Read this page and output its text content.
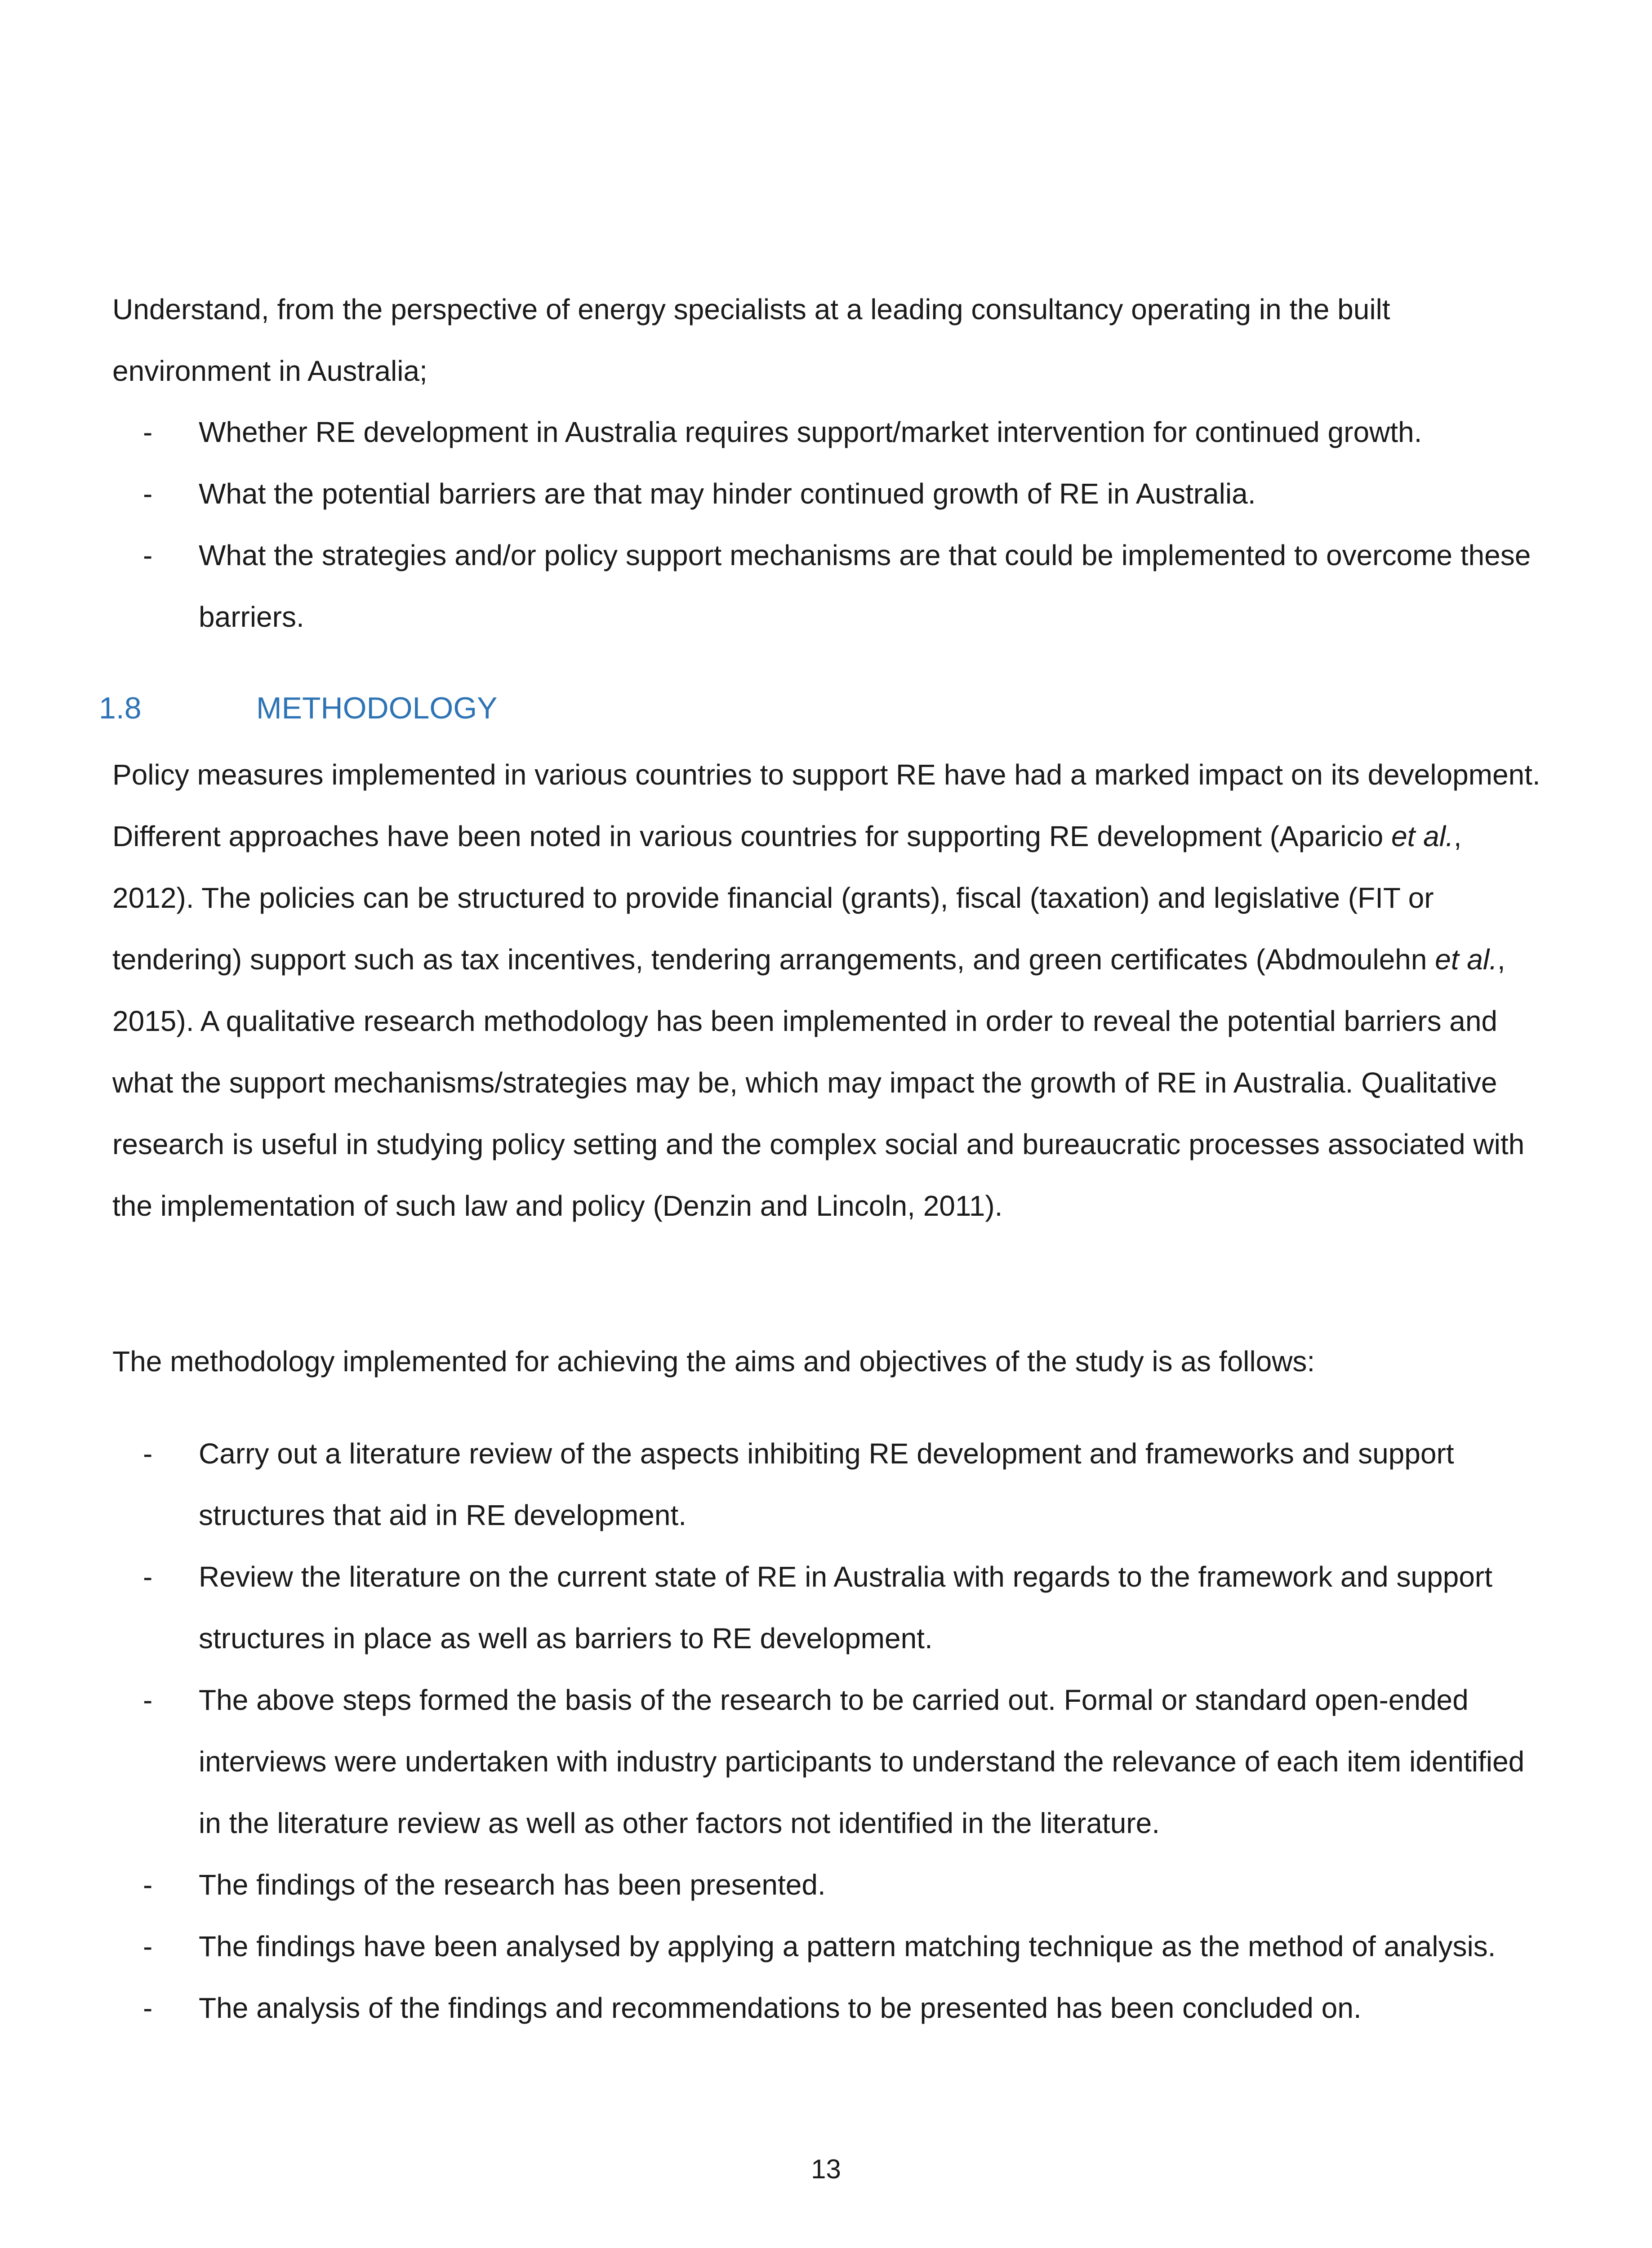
Understand, from the perspective of energy specialists at a leading consultancy operating in the built environment in Australia;

- Whether RE development in Australia requires support/market intervention for continued growth.
- What the potential barriers are that may hinder continued growth of RE in Australia.
- What the strategies and/or policy support mechanisms are that could be implemented to overcome these barriers.
1.8	METHODOLOGY

Policy measures implemented in various countries to support RE have had a marked impact on its development. Different approaches have been noted in various countries for supporting RE development (Aparicio et al., 2012). The policies can be structured to provide financial (grants), fiscal (taxation) and legislative (FIT or tendering) support such as tax incentives, tendering arrangements, and green certificates (Abdmoulehn et al., 2015). A qualitative research methodology has been implemented in order to reveal the potential barriers and what the support mechanisms/strategies may be, which may impact the growth of RE in Australia. Qualitative research is useful in studying policy setting and the complex social and bureaucratic processes associated with the implementation of such law and policy (Denzin and Lincoln, 2011).

The methodology implemented for achieving the aims and objectives of the study is as follows:

- Carry out a literature review of the aspects inhibiting RE development and frameworks and support structures that aid in RE development.
- Review the literature on the current state of RE in Australia with regards to the framework and support structures in place as well as barriers to RE development.
- The above steps formed the basis of the research to be carried out. Formal or standard open-ended interviews were undertaken with industry participants to understand the relevance of each item identified in the literature review as well as other factors not identified in the literature.
- The findings of the research has been presented.
- The findings have been analysed by applying a pattern matching technique as the method of analysis.
- The analysis of the findings and recommendations to be presented has been concluded on.
13
